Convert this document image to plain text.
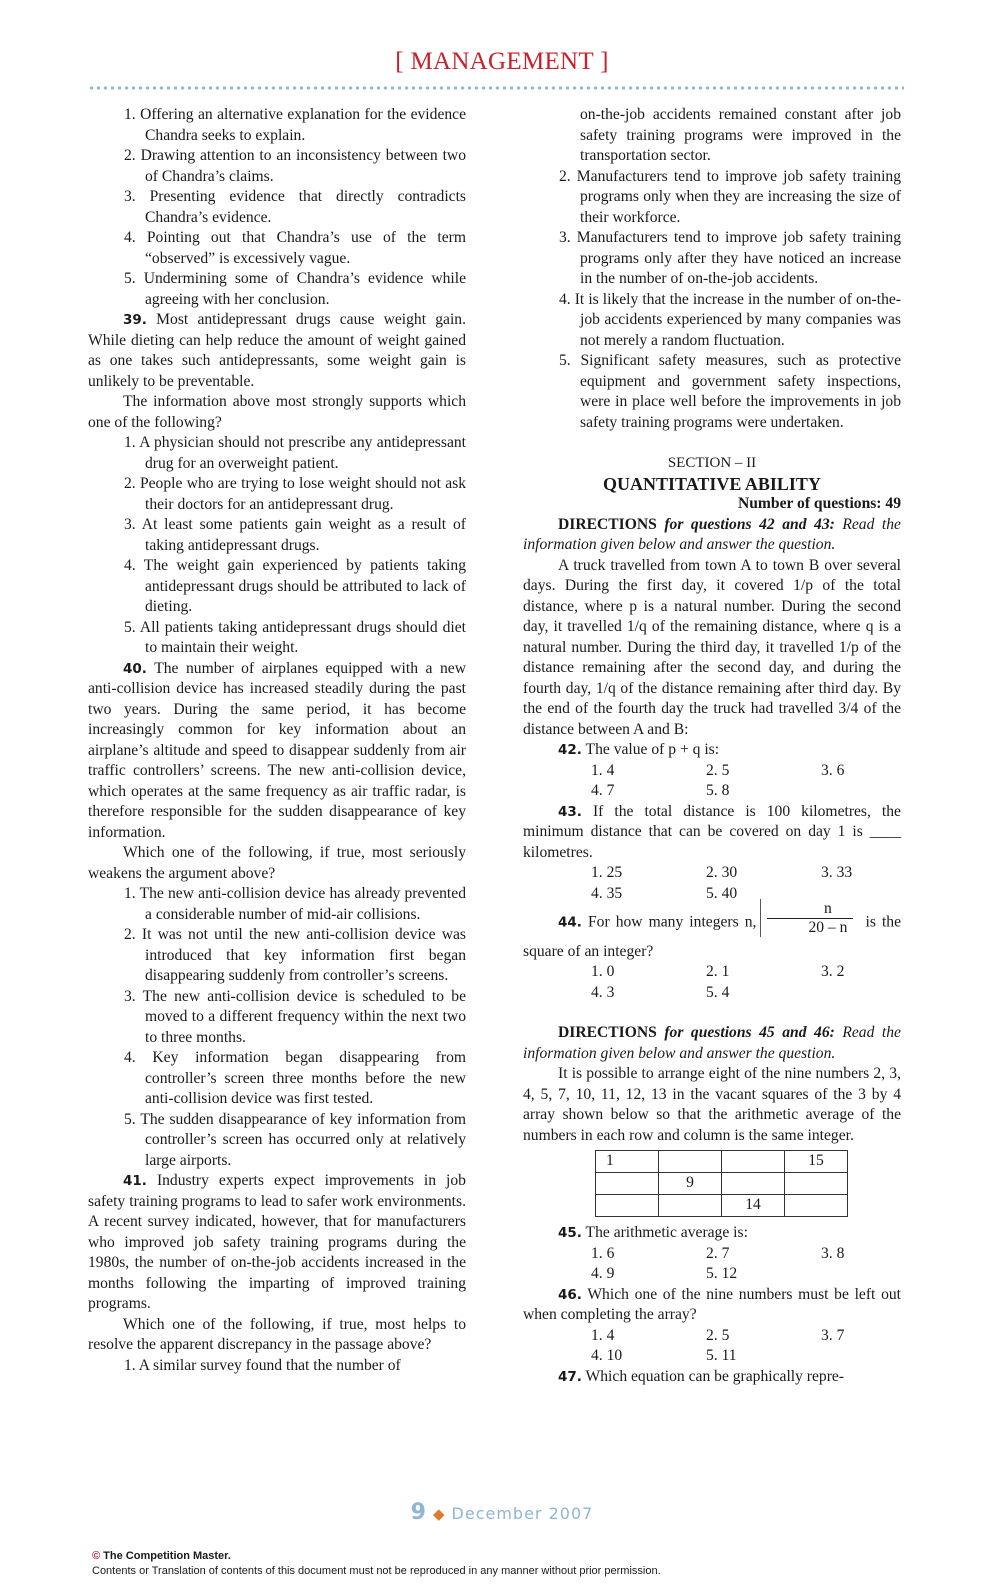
[ MANAGEMENT ]
1. Offering an alternative explanation for the evidence Chandra seeks to explain.
2. Drawing attention to an inconsistency between two of Chandra’s claims.
3. Presenting evidence that directly contradicts Chandra’s evidence.
4. Pointing out that Chandra’s use of the term “observed” is excessively vague.
5. Undermining some of Chandra’s evidence while agreeing with her conclusion.

39. Most antidepressant drugs cause weight gain. While dieting can help reduce the amount of weight gained as one takes such antidepressants, some weight gain is unlikely to be preventable.

The information above most strongly supports which one of the following?

1. A physician should not prescribe any antidepressant drug for an overweight patient.
2. People who are trying to lose weight should not ask their doctors for an antidepressant drug.
3. At least some patients gain weight as a result of taking antidepressant drugs.
4. The weight gain experienced by patients taking antidepressant drugs should be attributed to lack of dieting.
5. All patients taking antidepressant drugs should diet to maintain their weight.

40. The number of airplanes equipped with a new anti-collision device has increased steadily during the past two years. During the same period, it has become increasingly common for key information about an airplane’s altitude and speed to disappear suddenly from air traffic controllers’ screens. The new anti-collision device, which operates at the same frequency as air traffic radar, is therefore responsible for the sudden disappearance of key information.

Which one of the following, if true, most seriously weakens the argument above?

1. The new anti-collision device has already prevented a considerable number of mid-air collisions.
2. It was not until the new anti-collision device was introduced that key information first began disappearing suddenly from controller’s screens.
3. The new anti-collision device is scheduled to be moved to a different frequency within the next two to three months.
4. Key information began disappearing from controller’s screen three months before the new anti-collision device was first tested.
5. The sudden disappearance of key information from controller’s screen has occurred only at relatively large airports.

41. Industry experts expect improvements in job safety training programs to lead to safer work environments. A recent survey indicated, however, that for manufacturers who improved job safety training programs during the 1980s, the number of on-the-job accidents increased in the months following the imparting of improved training programs.

Which one of the following, if true, most helps to resolve the apparent discrepancy in the passage above?

1. A similar survey found that the number of
on-the-job accidents remained constant after job safety training programs were improved in the transportation sector.
2. Manufacturers tend to improve job safety training programs only when they are increasing the size of their workforce.
3. Manufacturers tend to improve job safety training programs only after they have noticed an increase in the number of on-the-job accidents.
4. It is likely that the increase in the number of on-the-job accidents experienced by many companies was not merely a random fluctuation.
5. Significant safety measures, such as protective equipment and government safety inspections, were in place well before the improvements in job safety training programs were undertaken.

SECTION – II

QUANTITATIVE ABILITY

Number of questions: 49

DIRECTIONS for questions 42 and 43: Read the information given below and answer the question.

A truck travelled from town A to town B over several days. During the first day, it covered 1/p of the total distance, where p is a natural number. During the second day, it travelled 1/q of the remaining distance, where q is a natural number. During the third day, it travelled 1/p of the distance remaining after the second day, and during the fourth day, 1/q of the distance remaining after third day. By the end of the fourth day the truck had travelled 3/4 of the distance between A and B:

42. The value of p + q is:

1. 4	2. 5	3. 6
4. 7	5. 8

43. If the total distance is 100 kilometres, the minimum distance that can be covered on day 1 is ____ kilometres.

1. 25	2. 30	3. 33
4. 35	5. 40

44. For how many integers n, $\frac{n}{20 - n}$ is the square of an integer?

1. 0	2. 1	3. 2
4. 3	5. 4

DIRECTIONS for questions 45 and 46: Read the information given below and answer the question.

It is possible to arrange eight of the nine numbers 2, 3, 4, 5, 7, 10, 11, 12, 13 in the vacant squares of the 3 by 4 array shown below so that the arithmetic average of the numbers in each row and column is the same integer.

1			15
	9		
		14	

45. The arithmetic average is:

1. 6	2. 7	3. 8
4. 9	5. 12

46. Which one of the nine numbers must be left out when completing the array?

1. 4	2. 5	3. 7
4. 10	5. 11

47. Which equation can be graphically repre-

9 ◆ December 2007
© The Competition Master.
Contents or Translation of contents of this document must not be reproduced in any manner without prior permission.
